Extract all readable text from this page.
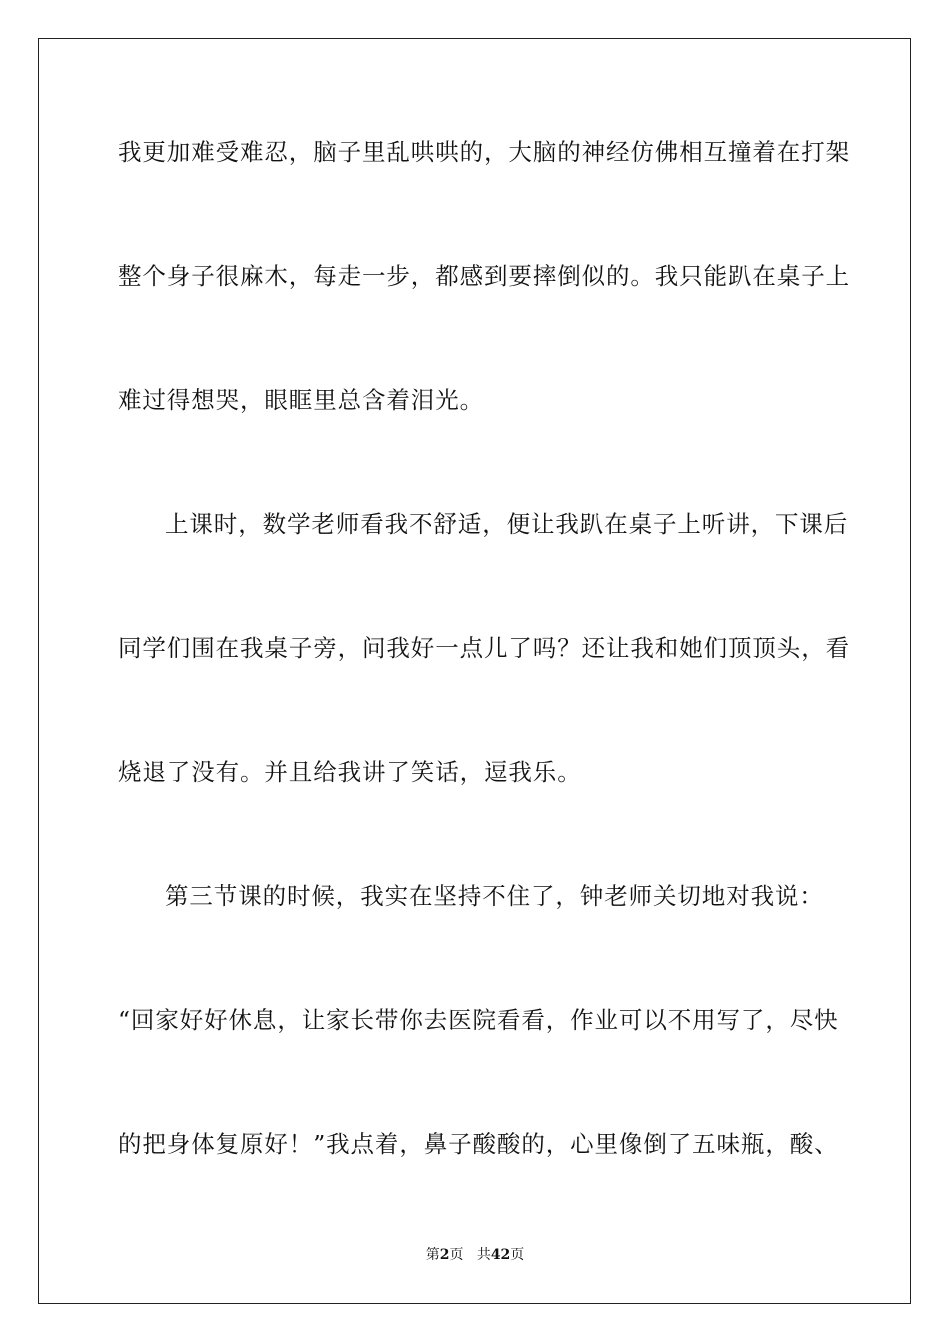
我更加难受难忍，脑子里乱哄哄的，大脑的神经仿佛相互撞着在打架
整个身子很麻木，每走一步，都感到要摔倒似的。我只能趴在桌子上
难过得想哭，眼眶里总含着泪光。
上课时，数学老师看我不舒适，便让我趴在桌子上听讲，下课后
同学们围在我桌子旁，问我好一点儿了吗？还让我和她们顶顶头，看
烧退了没有。并且给我讲了笑话，逗我乐。
第三节课的时候，我实在坚持不住了，钟老师关切地对我说：
“回家好好休息，让家长带你去医院看看，作业可以不用写了，尽快
的把身体复原好！”我点着，鼻子酸酸的，心里像倒了五味瓶，酸、
第2页 共42页
